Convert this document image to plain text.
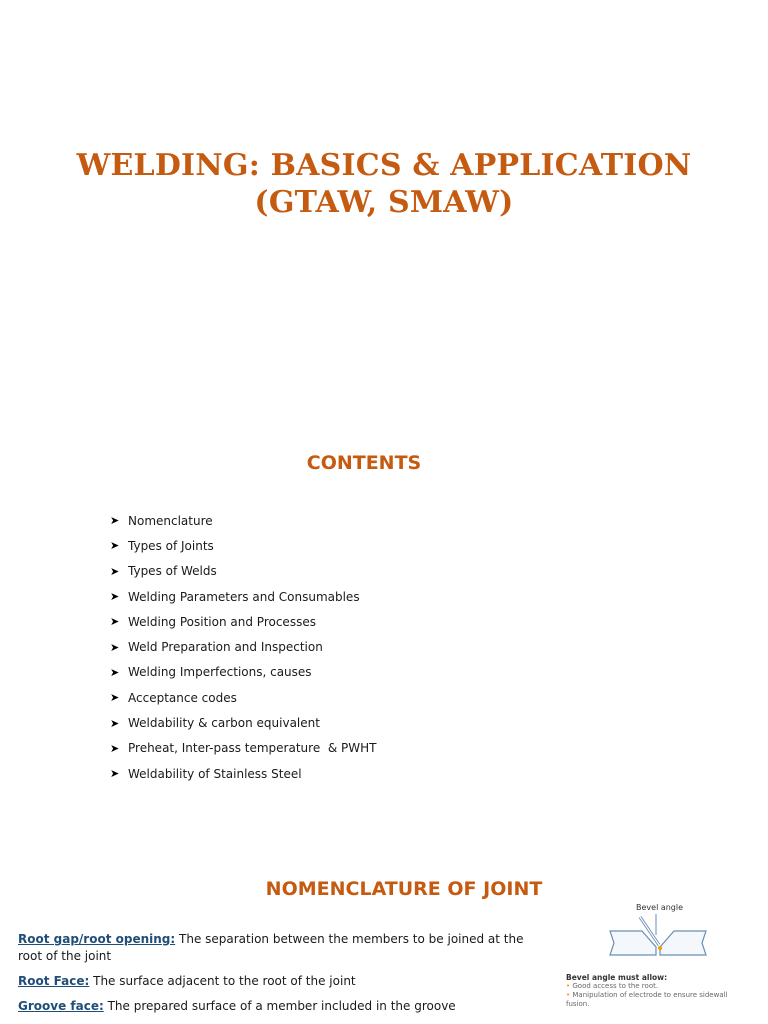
WELDING: BASICS & APPLICATION
(GTAW, SMAW)
CONTENTS
➤ Nomenclature
➤ Types of Joints
➤ Types of Welds
➤ Welding Parameters and Consumables
➤ Welding Position and Processes
➤ Weld Preparation and Inspection
➤ Welding Imperfections, causes
➤ Acceptance codes
➤ Weldability & carbon equivalent
➤ Preheat, Inter-pass temperature  & PWHT
➤ Weldability of Stainless Steel
NOMENCLATURE OF JOINT

Root gap/root opening: The separation between the members to be joined at the root of the joint

Root Face: The surface adjacent to the root of the joint

Groove face: The prepared surface of a member included in the groove

Bevel angle
Bevel angle must allow:
• Good access to the root.
• Manipulation of electrode to ensure sidewall fusion.
